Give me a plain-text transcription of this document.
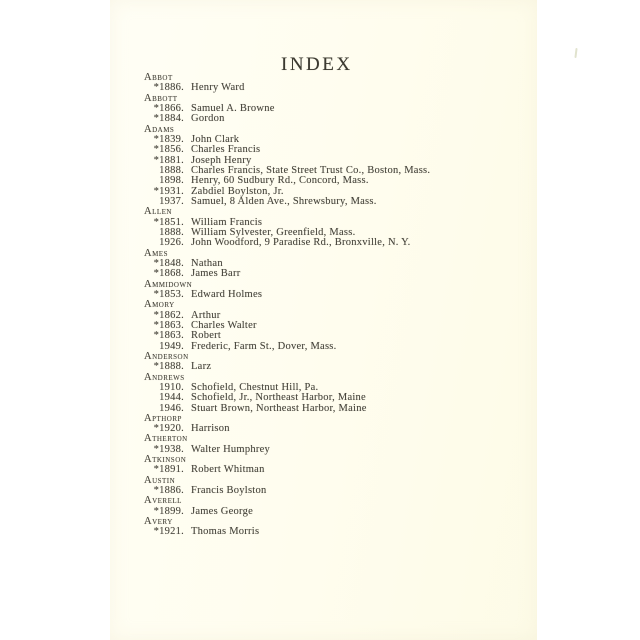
INDEX
Abbot
*1886. Henry Ward
Abbott
*1866. Samuel A. Browne
*1884. Gordon
Adams
*1839. John Clark
*1856. Charles Francis
*1881. Joseph Henry
1888. Charles Francis, State Street Trust Co., Boston, Mass.
1898. Henry, 60 Sudbury Rd., Concord, Mass.
*1931. Zabdiel Boylston, Jr.
1937. Samuel, 8 Alden Ave., Shrewsbury, Mass.
Allen
*1851. William Francis
1888. William Sylvester, Greenfield, Mass.
1926. John Woodford, 9 Paradise Rd., Bronxville, N. Y.
Ames
*1848. Nathan
*1868. James Barr
Ammidown
*1853. Edward Holmes
Amory
*1862. Arthur
*1863. Charles Walter
*1863. Robert
1949. Frederic, Farm St., Dover, Mass.
Anderson
*1888. Larz
Andrews
1910. Schofield, Chestnut Hill, Pa.
1944. Schofield, Jr., Northeast Harbor, Maine
1946. Stuart Brown, Northeast Harbor, Maine
Apthorp
*1920. Harrison
Atherton
*1938. Walter Humphrey
Atkinson
*1891. Robert Whitman
Austin
*1886. Francis Boylston
Averell
*1899. James George
Avery
*1921. Thomas Morris
